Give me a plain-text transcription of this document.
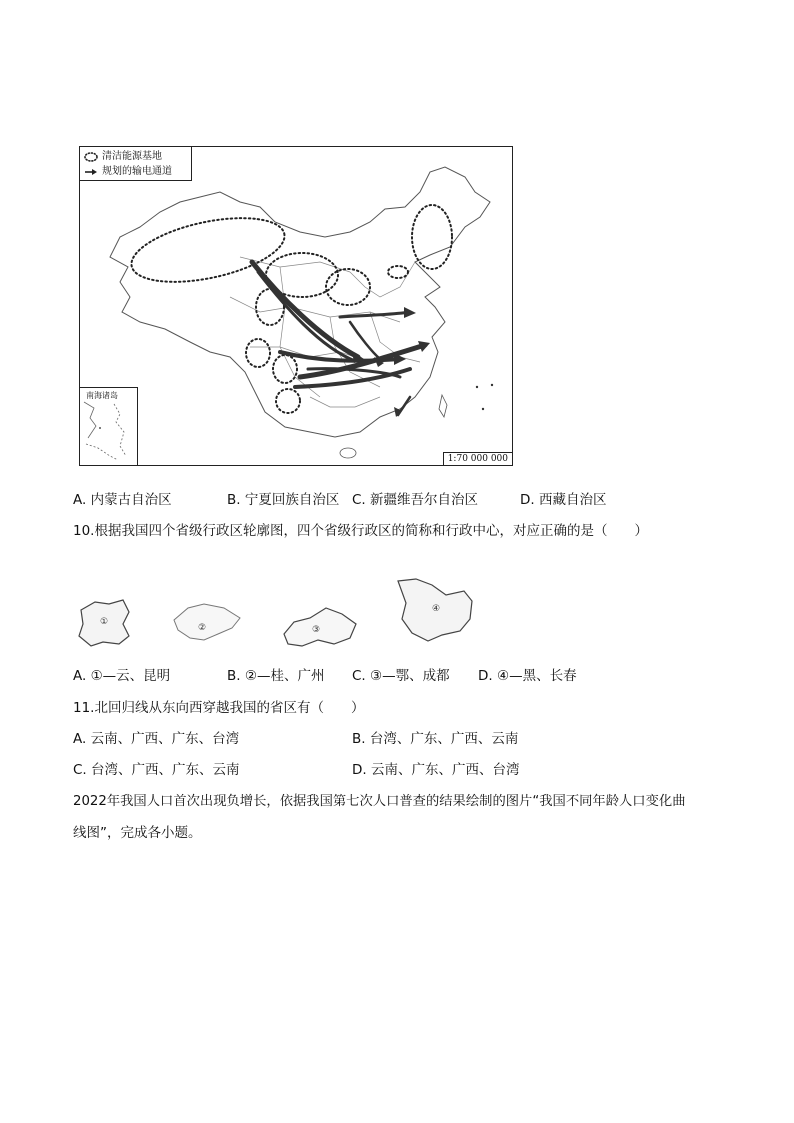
清洁能源基地
规划的输电通道
南海诸岛
1:70 000 000
A. 内蒙古自治区	B. 宁夏回族自治区 C. 新疆维吾尔自治区	D. 西藏自治区
10.根据我国四个省级行政区轮廓图，四个省级行政区的简称和行政中心，对应正确的是（　　）
①
②	③
④
A. ①—云、昆明	B. ②—桂、广州 C. ③—鄂、成都 D. ④—黑、长春
11.北回归线从东向西穿越我国的省区有（　　）
A. 云南、广西、广东、台湾	B. 台湾、广东、广西、云南
C. 台湾、广西、广东、云南	D. 云南、广东、广西、台湾
2022年我国人口首次出现负增长，依据我国第七次人口普查的结果绘制的图片“我国不同年龄人口变化曲
线图”，完成各小题。
